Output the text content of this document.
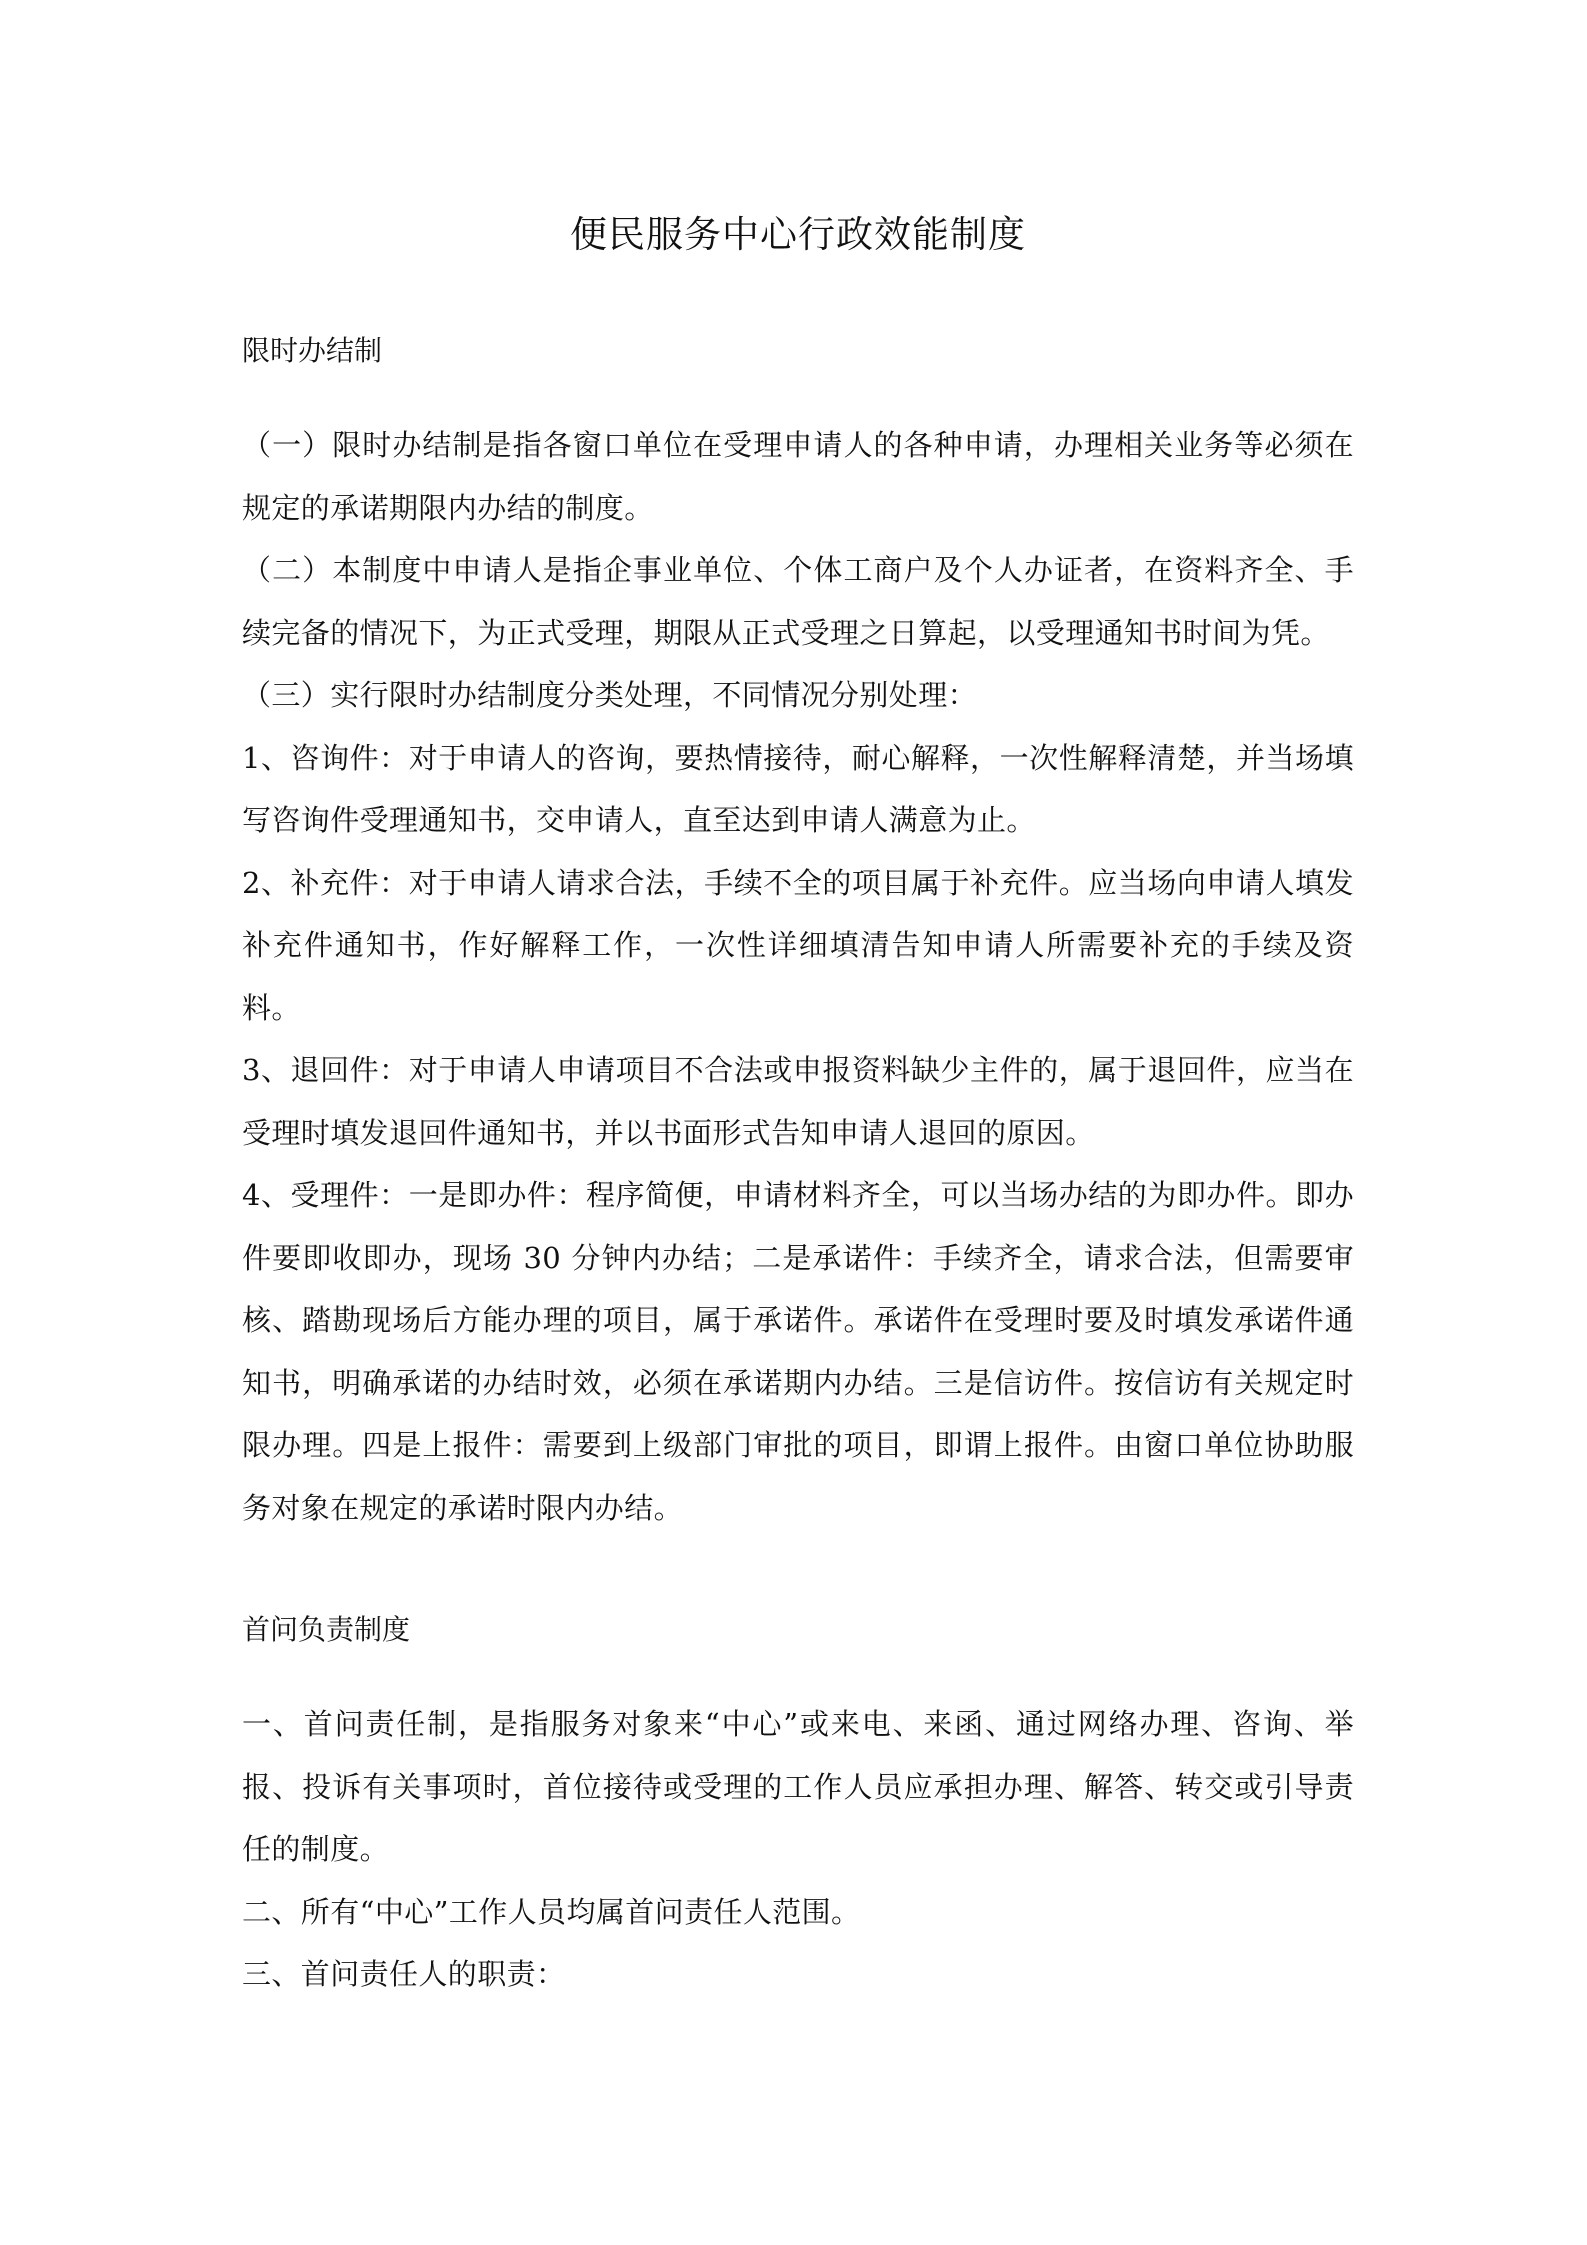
便民服务中心行政效能制度
限时办结制

（一）限时办结制是指各窗口单位在受理申请人的各种申请，办理相关业务等必须在规定的承诺期限内办结的制度。

（二）本制度中申请人是指企事业单位、个体工商户及个人办证者，在资料齐全、手续完备的情况下，为正式受理，期限从正式受理之日算起，以受理通知书时间为凭。

（三）实行限时办结制度分类处理，不同情况分别处理：

1、咨询件：对于申请人的咨询，要热情接待，耐心解释，一次性解释清楚，并当场填写咨询件受理通知书，交申请人，直至达到申请人满意为止。

2、补充件：对于申请人请求合法，手续不全的项目属于补充件。应当场向申请人填发补充件通知书，作好解释工作，一次性详细填清告知申请人所需要补充的手续及资料。

3、退回件：对于申请人申请项目不合法或申报资料缺少主件的，属于退回件，应当在受理时填发退回件通知书，并以书面形式告知申请人退回的原因。

4、受理件：一是即办件：程序简便，申请材料齐全，可以当场办结的为即办件。即办件要即收即办，现场 30 分钟内办结；二是承诺件：手续齐全，请求合法，但需要审核、踏勘现场后方能办理的项目，属于承诺件。承诺件在受理时要及时填发承诺件通知书，明确承诺的办结时效，必须在承诺期内办结。三是信访件。按信访有关规定时限办理。四是上报件：需要到上级部门审批的项目，即谓上报件。由窗口单位协助服务对象在规定的承诺时限内办结。

首问负责制度

一、首问责任制，是指服务对象来“中心”或来电、来函、通过网络办理、咨询、举报、投诉有关事项时，首位接待或受理的工作人员应承担办理、解答、转交或引导责任的制度。

二、所有“中心”工作人员均属首问责任人范围。

三、首问责任人的职责：
